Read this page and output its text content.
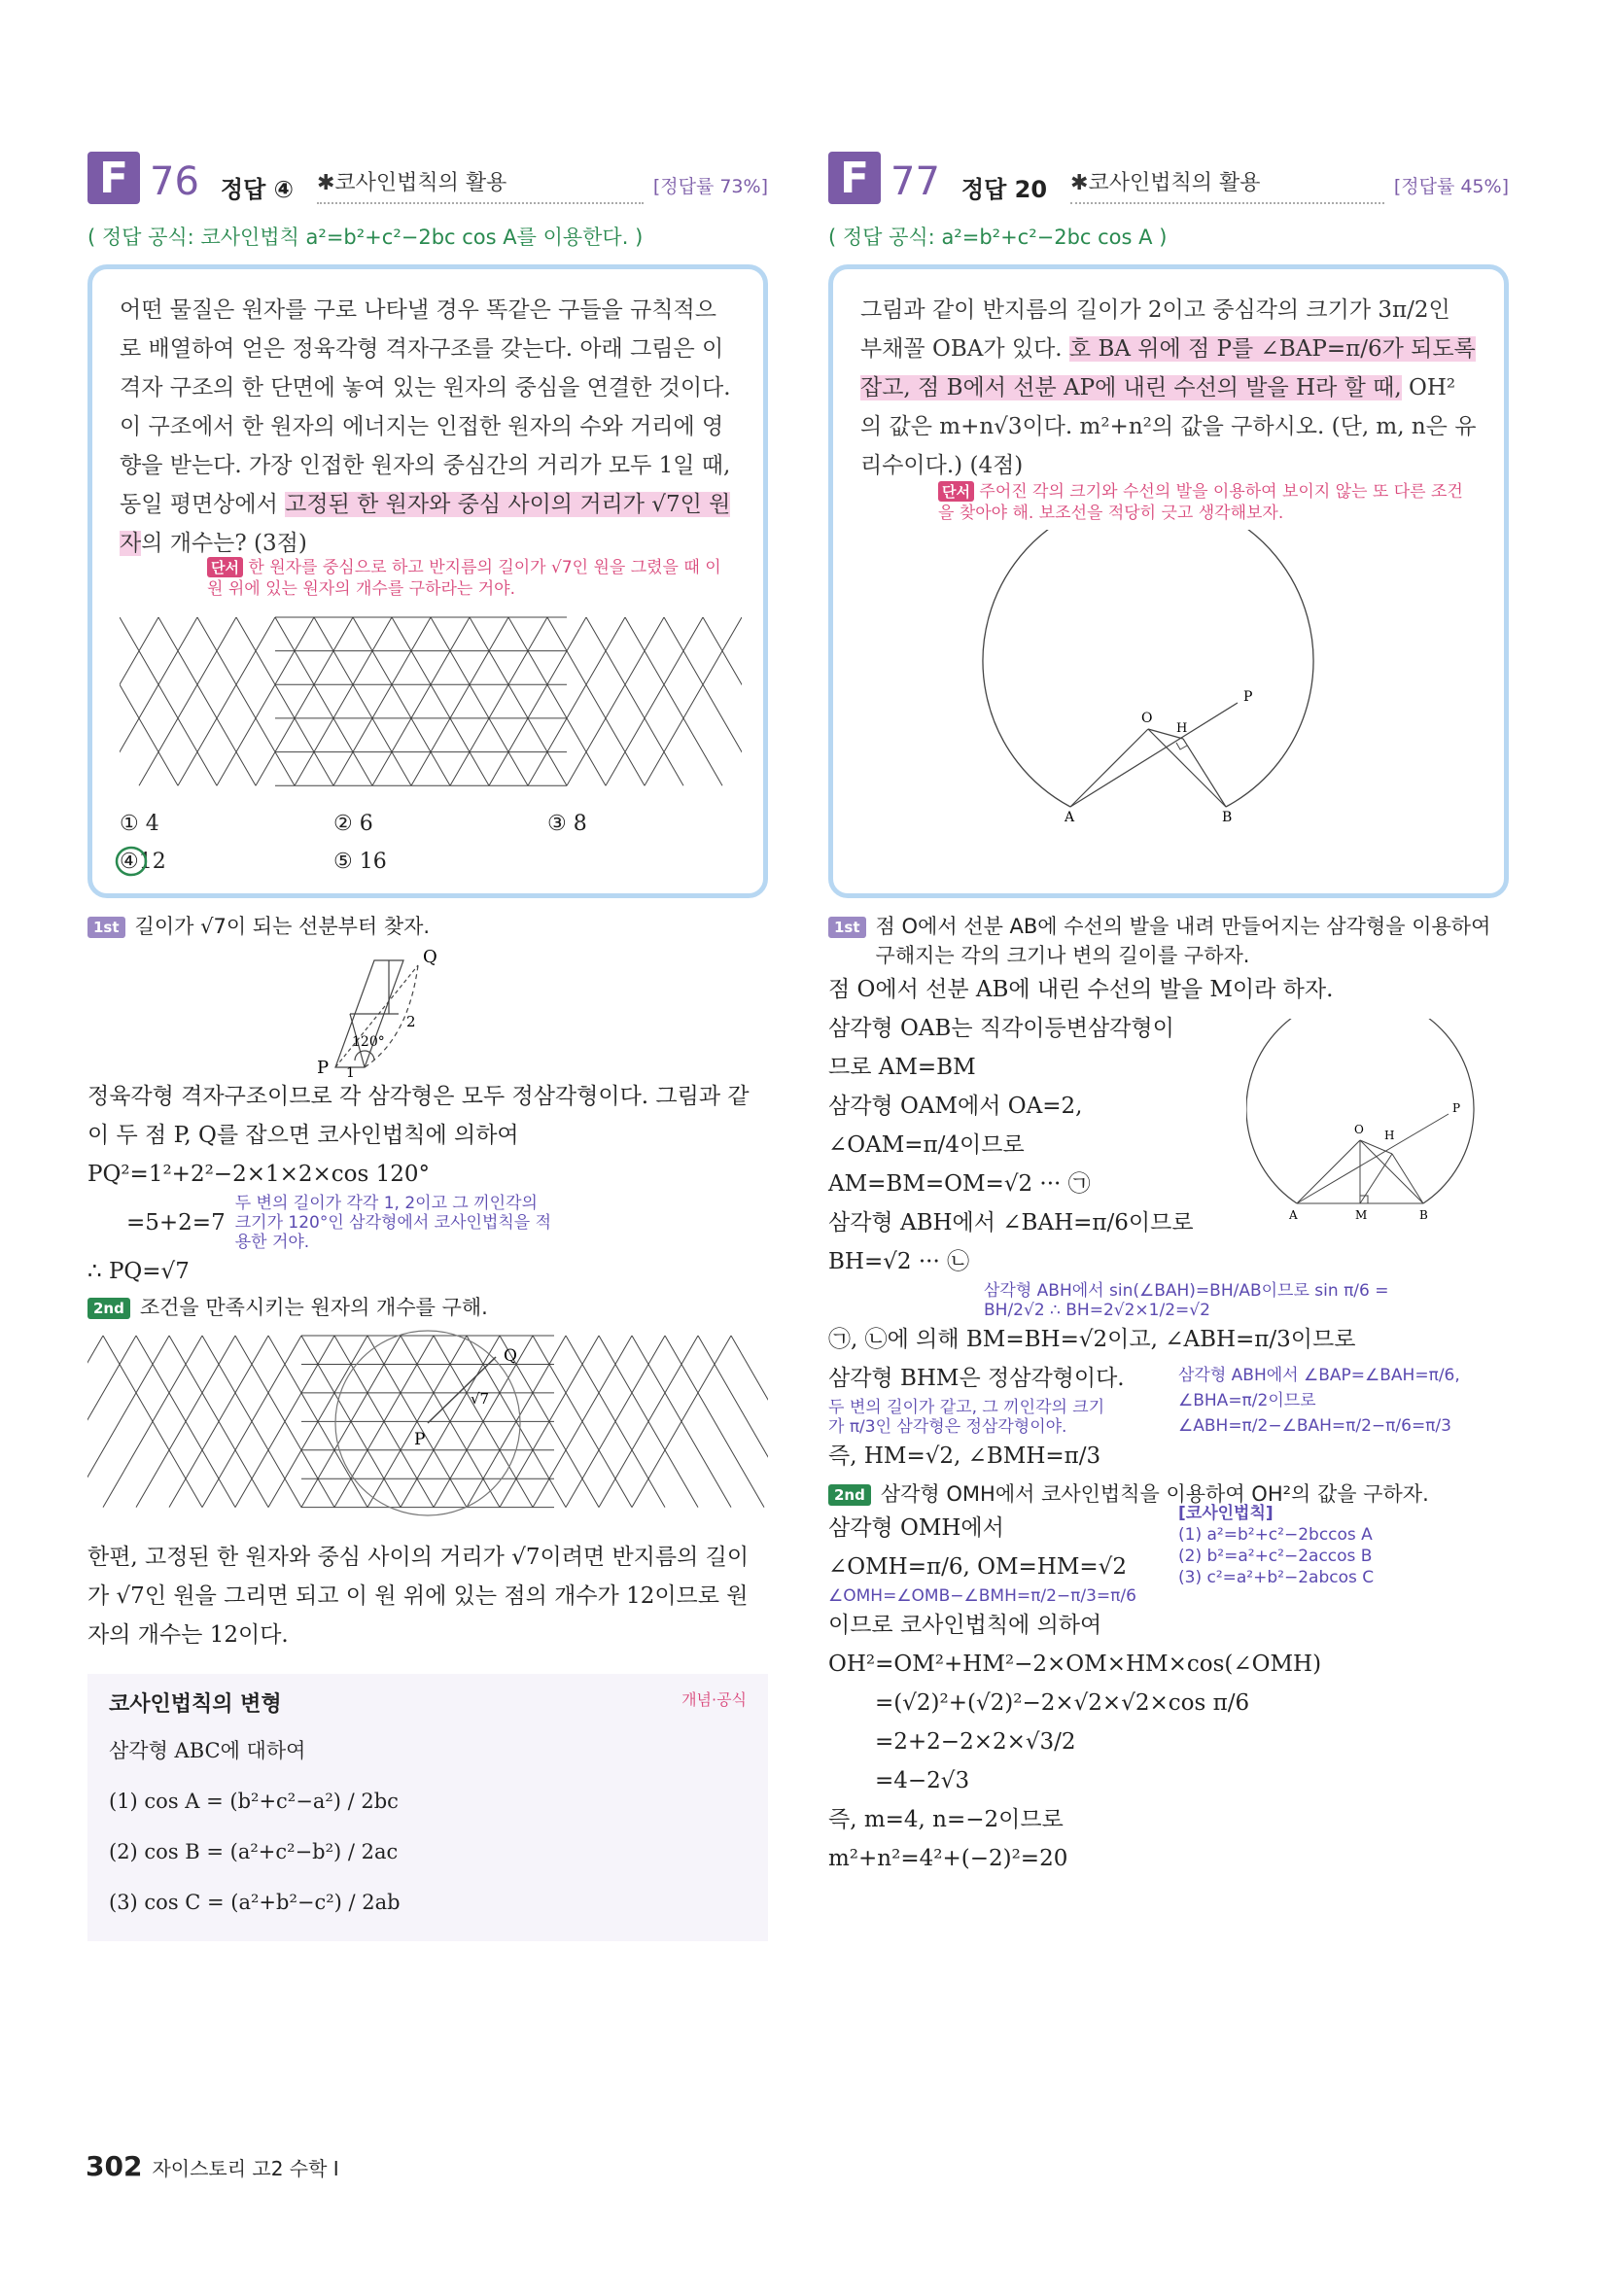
F 76 정답 ④ ✱코사인법칙의 활용	[정답률 73%]
( 정답 공식: 코사인법칙 a²=b²+c²−2bc cos A를 이용한다. )
어떤 물질은 원자를 구로 나타낼 경우 똑같은 구들을 규칙적으로 배열하여 얻은 정육각형 격자구조를 갖는다. 아래 그림은 이 격자 구조의 한 단면에 놓여 있는 원자의 중심을 연결한 것이다. 이 구조에서 한 원자의 에너지는 인접한 원자의 수와 거리에 영향을 받는다. 가장 인접한 원자의 중심간의 거리가 모두 1일 때, 동일 평면상에서 고정된 한 원자와 중심 사이의 거리가 √7인 원자의 개수는? (3점)
단서 한 원자를 중심으로 하고 반지름의 길이가 √7인 원을 그렸을 때 이 원 위에 있는 원자의 개수를 구하라는 거야.
① 4	② 6	③ 8
④12	⑤ 16
1st 길이가 √7이 되는 선분부터 찾자.
P
Q
120°
2
1
정육각형 격자구조이므로 각 삼각형은 모두 정삼각형이다. 그림과 같이 두 점 P, Q를 잡으면 코사인법칙에 의하여
PQ²=1²+2²−2×1×2×cos 120°
=5+2=7
두 변의 길이가 각각 1, 2이고 그 끼인각의 크기가 120°인 삼각형에서 코사인법칙을 적용한 거야.
∴ PQ=√7
2nd 조건을 만족시키는 원자의 개수를 구해.
P
Q
√7
한편, 고정된 한 원자와 중심 사이의 거리가 √7이려면 반지름의 길이가 √7인 원을 그리면 되고 이 원 위에 있는 점의 개수가 12이므로 원자의 개수는 12이다.
코사인법칙의 변형	개념·공식
삼각형 ABC에 대하여
(1) cos A = (b²+c²−a²) / 2bc
(2) cos B = (a²+c²−b²) / 2ac
(3) cos C = (a²+b²−c²) / 2ab
F 77 정답 20 ✱코사인법칙의 활용	[정답률 45%]
( 정답 공식: a²=b²+c²−2bc cos A )
그림과 같이 반지름의 길이가 2이고 중심각의 크기가 3π/2인 부채꼴 OBA가 있다. 호 BA 위에 점 P를 ∠BAP=π/6가 되도록 잡고, 점 B에서 선분 AP에 내린 수선의 발을 H라 할 때, OH²의 값은 m+n√3이다. m²+n²의 값을 구하시오. (단, m, n은 유리수이다.) (4점)
단서 주어진 각의 크기와 수선의 발을 이용하여 보이지 않는 또 다른 조건을 찾아야 해. 보조선을 적당히 긋고 생각해보자.
O
H
P
A	B
1st 점 O에서 선분 AB에 수선의 발을 내려 만들어지는 삼각형을 이용하여 구해지는 각의 크기나 변의 길이를 구하자.
점 O에서 선분 AB에 내린 수선의 발을 M이라 하자.
삼각형 OAB는 직각이등변삼각형이
므로 AM=BM
삼각형 OAM에서 OA=2,
∠OAM=π/4이므로
AM=BM=OM=√2 ··· ㉠
삼각형 ABH에서 ∠BAH=π/6이므로
BH=√2 ··· ㉡
삼각형 ABH에서 sin(∠BAH)=BH/AB이므로 sin π/6 = BH/2√2 ∴ BH=2√2×1/2=√2
O H
P
A	B
M
㉠, ㉡에 의해 BM=BH=√2이고, ∠ABH=π/3이므로
삼각형 BHM은 정삼각형이다.
두 변의 길이가 같고, 그 끼인각의 크기가 π/3인 삼각형은 정삼각형이야.
즉, HM=√2, ∠BMH=π/3
삼각형 ABH에서 ∠BAP=∠BAH=π/6, ∠BHA=π/2이므로 ∠ABH=π/2−∠BAH=π/2−π/6=π/3
2nd 삼각형 OMH에서 코사인법칙을 이용하여 OH²의 값을 구하자.
삼각형 OMH에서
∠OMH=π/6, OM=HM=√2
∠OMH=∠OMB−∠BMH=π/2−π/3=π/6
[코사인법칙]
(1) a²=b²+c²−2bccos A
(2) b²=a²+c²−2accos B
(3) c²=a²+b²−2abcos C
이므로 코사인법칙에 의하여
OH²=OM²+HM²−2×OM×HM×cos(∠OMH)
=(√2)²+(√2)²−2×√2×√2×cos π/6
=2+2−2×2×√3/2
=4−2√3
즉, m=4, n=−2이므로
m²+n²=4²+(−2)²=20
302 자이스토리 고2 수학 I
